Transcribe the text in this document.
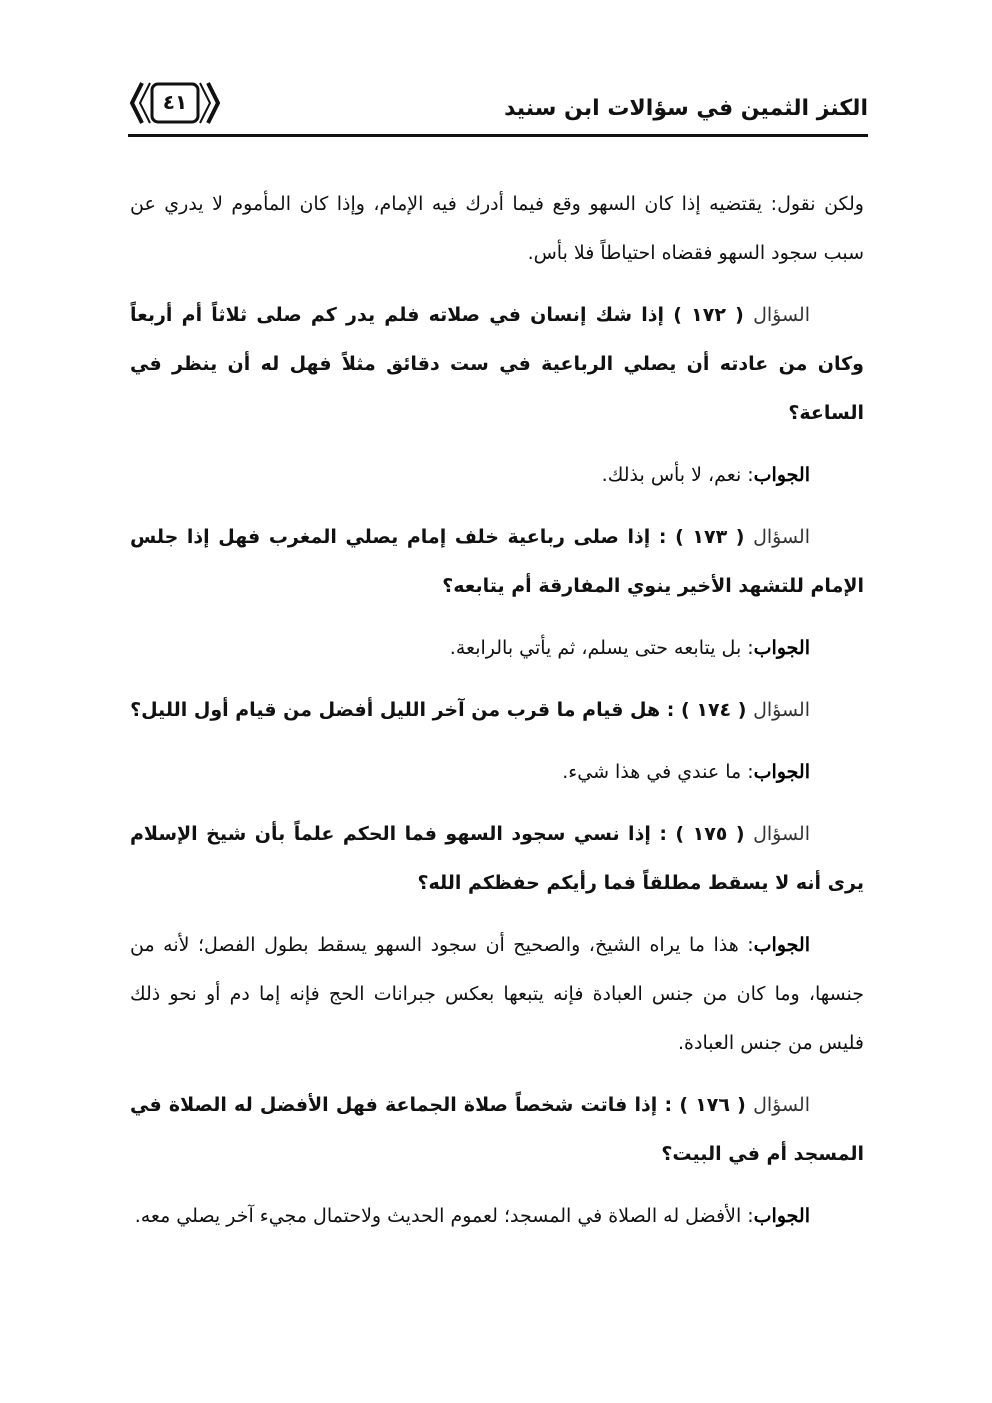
٤١	الكنز الثمين في سؤالات ابن سنيد

ولكن نقول: يقتضيه إذا كان السهو وقع فيما أدرك فيه الإمام، وإذا كان المأموم لا يدري عن سبب سجود السهو فقضاه احتياطاً فلا بأس.

السؤال ( ١٧٢ ) إذا شك إنسان في صلاته فلم يدر كم صلى ثلاثاً أم أربعاً وكان من عادته أن يصلي الرباعية في ست دقائق مثلاً فهل له أن ينظر في الساعة؟

الجواب: نعم، لا بأس بذلك.

السؤال ( ١٧٣ ) : إذا صلى رباعية خلف إمام يصلي المغرب فهل إذا جلس الإمام للتشهد الأخير ينوي المفارقة أم يتابعه؟

الجواب: بل يتابعه حتى يسلم، ثم يأتي بالرابعة.

السؤال ( ١٧٤ ) : هل قيام ما قرب من آخر الليل أفضل من قيام أول الليل؟

الجواب: ما عندي في هذا شيء.

السؤال ( ١٧٥ ) : إذا نسي سجود السهو فما الحكم علماً بأن شيخ الإسلام يرى أنه لا يسقط مطلقاً فما رأيكم حفظكم الله؟

الجواب: هذا ما يراه الشيخ، والصحيح أن سجود السهو يسقط بطول الفصل؛ لأنه من جنسها، وما كان من جنس العبادة فإنه يتبعها بعكس جبرانات الحج فإنه إما دم أو نحو ذلك فليس من جنس العبادة.

السؤال ( ١٧٦ ) : إذا فاتت شخصاً صلاة الجماعة فهل الأفضل له الصلاة في المسجد أم في البيت؟

الجواب: الأفضل له الصلاة في المسجد؛ لعموم الحديث ولاحتمال مجيء آخر يصلي معه.
